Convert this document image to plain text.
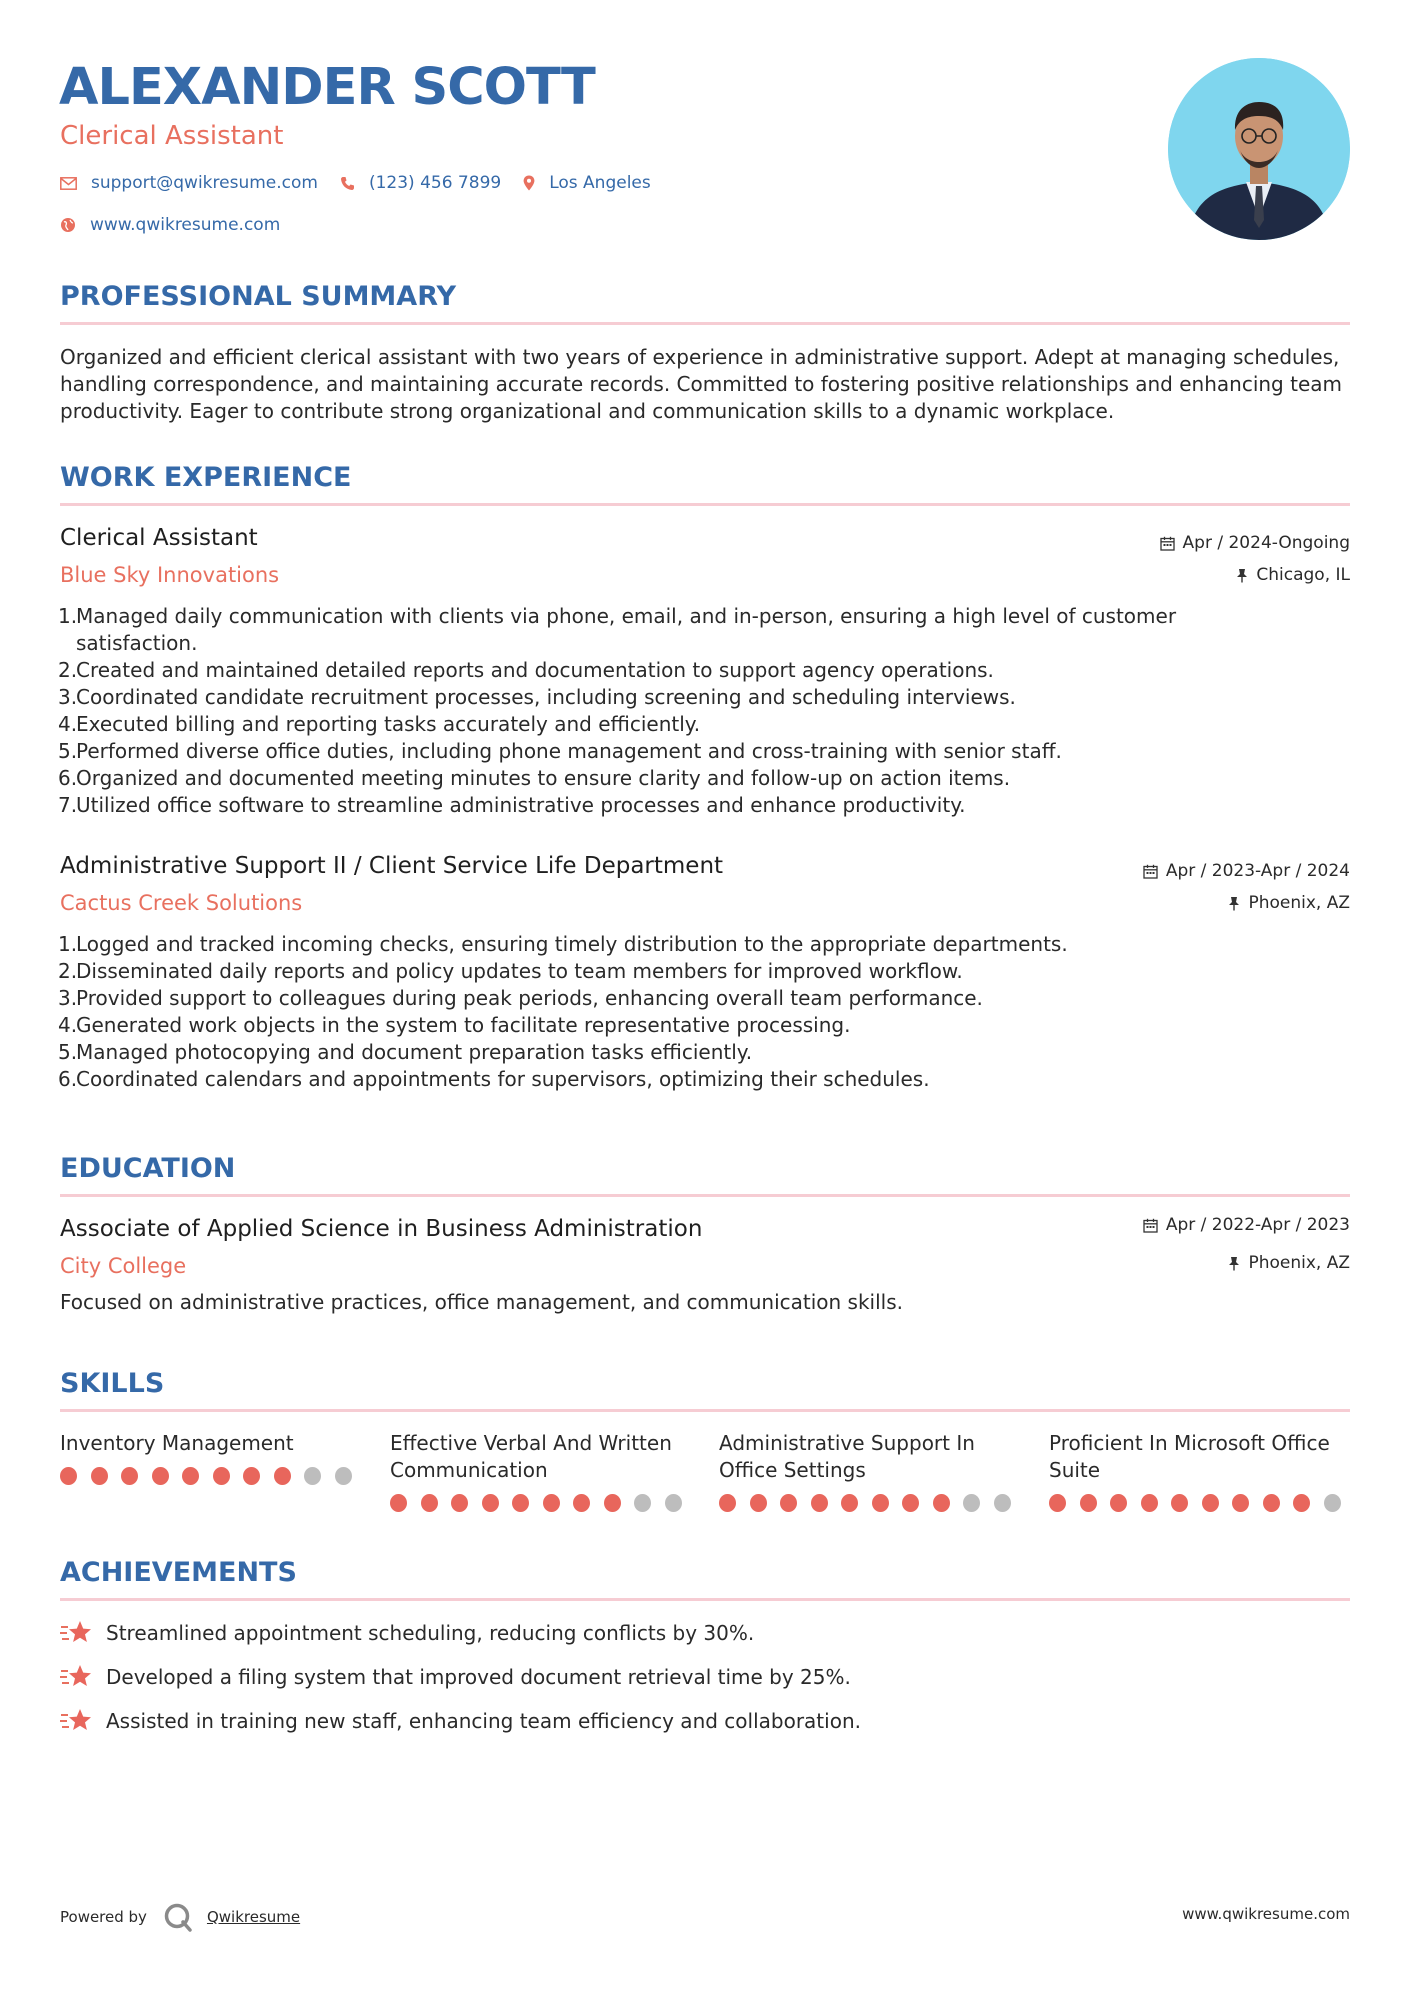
ALEXANDER SCOTT
Clerical Assistant
support@qwikresume.com	(123) 456 7899	Los Angeles
www.qwikresume.com
PROFESSIONAL SUMMARY
Organized and efficient clerical assistant with two years of experience in administrative support. Adept at managing schedules, handling correspondence, and maintaining accurate records. Committed to fostering positive relationships and enhancing team productivity. Eager to contribute strong organizational and communication skills to a dynamic workplace.
WORK EXPERIENCE
Clerical Assistant
Blue Sky Innovations
Apr / 2024-Ongoing
Chicago, IL
1.
Managed daily communication with clients via phone, email, and in-person, ensuring a high level of customer satisfaction.
2.
Created and maintained detailed reports and documentation to support agency operations.
3.
Coordinated candidate recruitment processes, including screening and scheduling interviews.
4.
Executed billing and reporting tasks accurately and efficiently.
5.
Performed diverse office duties, including phone management and cross-training with senior staff.
6.
Organized and documented meeting minutes to ensure clarity and follow-up on action items.
7.
Utilized office software to streamline administrative processes and enhance productivity.
Administrative Support II / Client Service Life Department
Cactus Creek Solutions
Apr / 2023-Apr / 2024
Phoenix, AZ
1.
Logged and tracked incoming checks, ensuring timely distribution to the appropriate departments.
2.
Disseminated daily reports and policy updates to team members for improved workflow.
3.
Provided support to colleagues during peak periods, enhancing overall team performance.
4.
Generated work objects in the system to facilitate representative processing.
5.
Managed photocopying and document preparation tasks efficiently.
6.
Coordinated calendars and appointments for supervisors, optimizing their schedules.
EDUCATION
Associate of Applied Science in Business Administration
City College
Apr / 2022-Apr / 2023
Phoenix, AZ
Focused on administrative practices, office management, and communication skills.
SKILLS
Inventory Management	Effective Verbal And Written
Communication
Administrative Support In
Office Settings
Proficient In Microsoft Office
Suite
ACHIEVEMENTS
Streamlined appointment scheduling, reducing conflicts by 30%.
Developed a filing system that improved document retrieval time by 25%.
Assisted in training new staff, enhancing team efficiency and collaboration.
Powered by	Qwikresume	www.qwikresume.com
